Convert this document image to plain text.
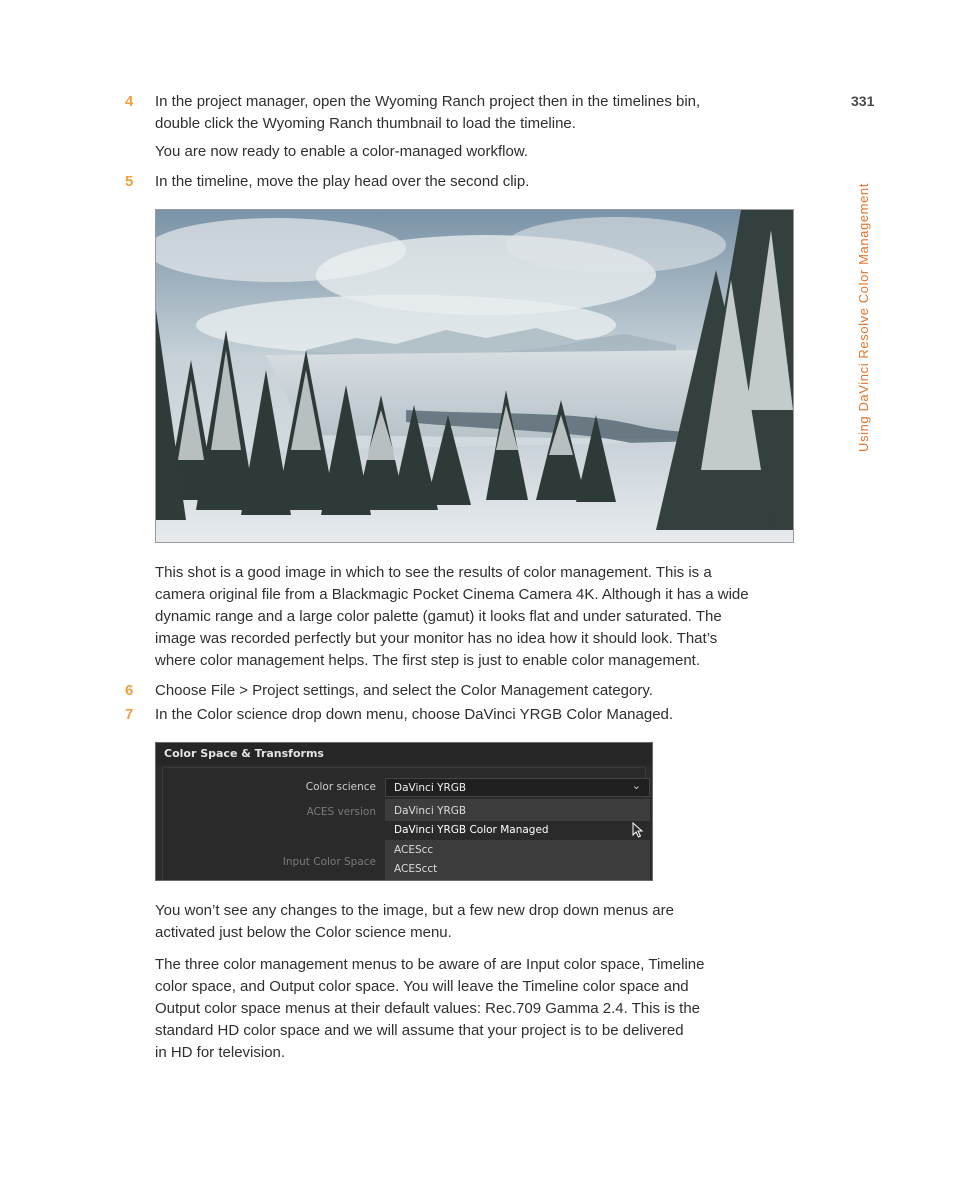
331
Using DaVinci Resolve Color Management
4 In the project manager, open the Wyoming Ranch project then in the timelines bin,
double click the Wyoming Ranch thumbnail to load the timeline.
You are now ready to enable a color-managed workflow.
5 In the timeline, move the play head over the second clip.
This shot is a good image in which to see the results of color management. This is a
camera original file from a Blackmagic Pocket Cinema Camera 4K. Although it has a wide
dynamic range and a large color palette (gamut) it looks flat and under saturated. The
image was recorded perfectly but your monitor has no idea how it should look. That’s
where color management helps. The first step is just to enable color management.
6 Choose File > Project settings, and select the Color Management category.
7 In the Color science drop down menu, choose DaVinci YRGB Color Managed.
Color Space & Transforms
Color science
ACES version
Input Color Space
DaVinci YRGB	⌄
DaVinci YRGB
DaVinci YRGB Color Managed
ACEScc
ACEScct
You won’t see any changes to the image, but a few new drop down menus are
activated just below the Color science menu.
The three color management menus to be aware of are Input color space, Timeline
color space, and Output color space. You will leave the Timeline color space and
Output color space menus at their default values: Rec.709 Gamma 2.4. This is the
standard HD color space and we will assume that your project is to be delivered
in HD for television.
